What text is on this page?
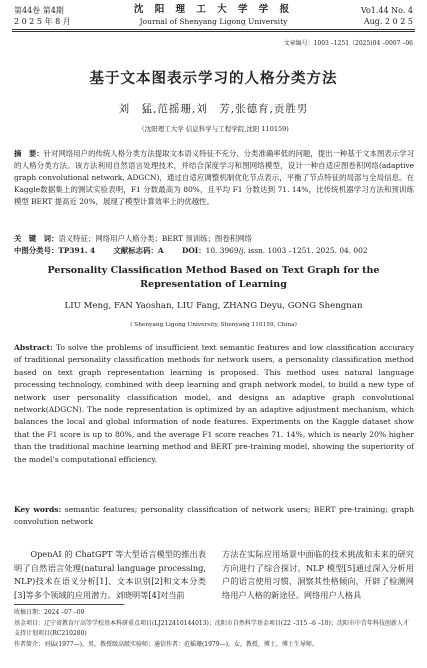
第44卷 第4期
2 0 2 5 年 8 月
沈 阳 理 工 大 学 学 报
Journal of Shenyang Ligong University
Vo1.44 No. 4
Aug. 2 0 2 5
文章编号：1003 –1251（2025)04 –0007 –06
基于文本图表示学习的人格分类方法
刘　猛,范摇珊,刘　芳,张德育,贡胜男
（沈阳理工大学 信息科学与工程学院,沈阳 110159)
摘　要：针对网络用户的传统人格分类方法提取文本语义特征不充分、分类准确率低的问题，提出一种基于文本图表示学习的人格分类方法。该方法利用自然语言处理技术，并结合深度学习和图网络模型，设计一种自适应图卷积网络(adaptive graph convolutional network, ADGCN)，通过自适应调整机制优化节点表示，平衡了节点特征的局部与全局信息。在Kaggle数据集上的测试实验表明，F1 分数最高为 80%，且平均 F1 分数达到 71. 14%，比传统机器学习方法和预训练模型 BERT 提高近 20%，展现了模型计算效率上的优越性。
关　键　词：语义特征；网络用户人格分类；BERT 预训练；图卷积网络
中图分类号：TP391. 4 文献标志码：A DOI：10. 3969/j. issn. 1003 –1251. 2025. 04. 002
Personality Classification Method Based on Text Graph for the Representation of Learning
LIU Meng, FAN Yaoshan, LIU Fang, ZHANG Deyu, GONG Shengnan
( Shenyang Ligong University, Shenyang 110159, China)
Abstract: To solve the problems of insufficient text semantic features and low classification accuracy of traditional personality classification methods for network users, a personality classification method based on text graph representation learning is proposed. This method uses natural language processing technology, combined with deep learning and graph network model, to build a new type of network user personality classification model, and designs an adaptive graph convolutional network(ADGCN). The node representation is optimized by an adaptive adjustment mechanism, which balances the local and global information of node features. Experiments on the Kaggle dataset show that the F1 score is up to 80%, and the average F1 score reaches 71. 14%, which is nearly 20% higher than the traditional machine learning method and BERT pre-training model, showing the superiority of the model’s computational efficiency.
Key words: semantic features; personality classification of network users; BERT pre-training; graph convolution network
OpenAI 的 ChatGPT 等大型语言模型的推出表明了自然语言处理(natural language processing, NLP)技术在语义分析[1]、文本识别[2]和文本分类[3]等多个领域的应用潜力。刘晓明等[4]对当前
方法在实际应用场景中面临的技术挑战和未来的研究方向进行了综合探讨。NLP 模型[5]通过深入分析用户的语言使用习惯，洞察其性格倾向，开辟了检测网络用户人格的新途径。网络用户人格具
收稿日期：2024 –07 –09
基金项目：辽宁省教育厅高等学校基本科研重点项目(LJ212410144013)；沈阳市自然科学基金项目(22 –315 –6 –10)；沈阳市中青年科技创新人才支持计划项目(RC210280)
作者简介：刘猛(1977—)，男，教授级高级实验师；通信作者：范摇珊(1979—)，女，教授，博士，博士生导师。
